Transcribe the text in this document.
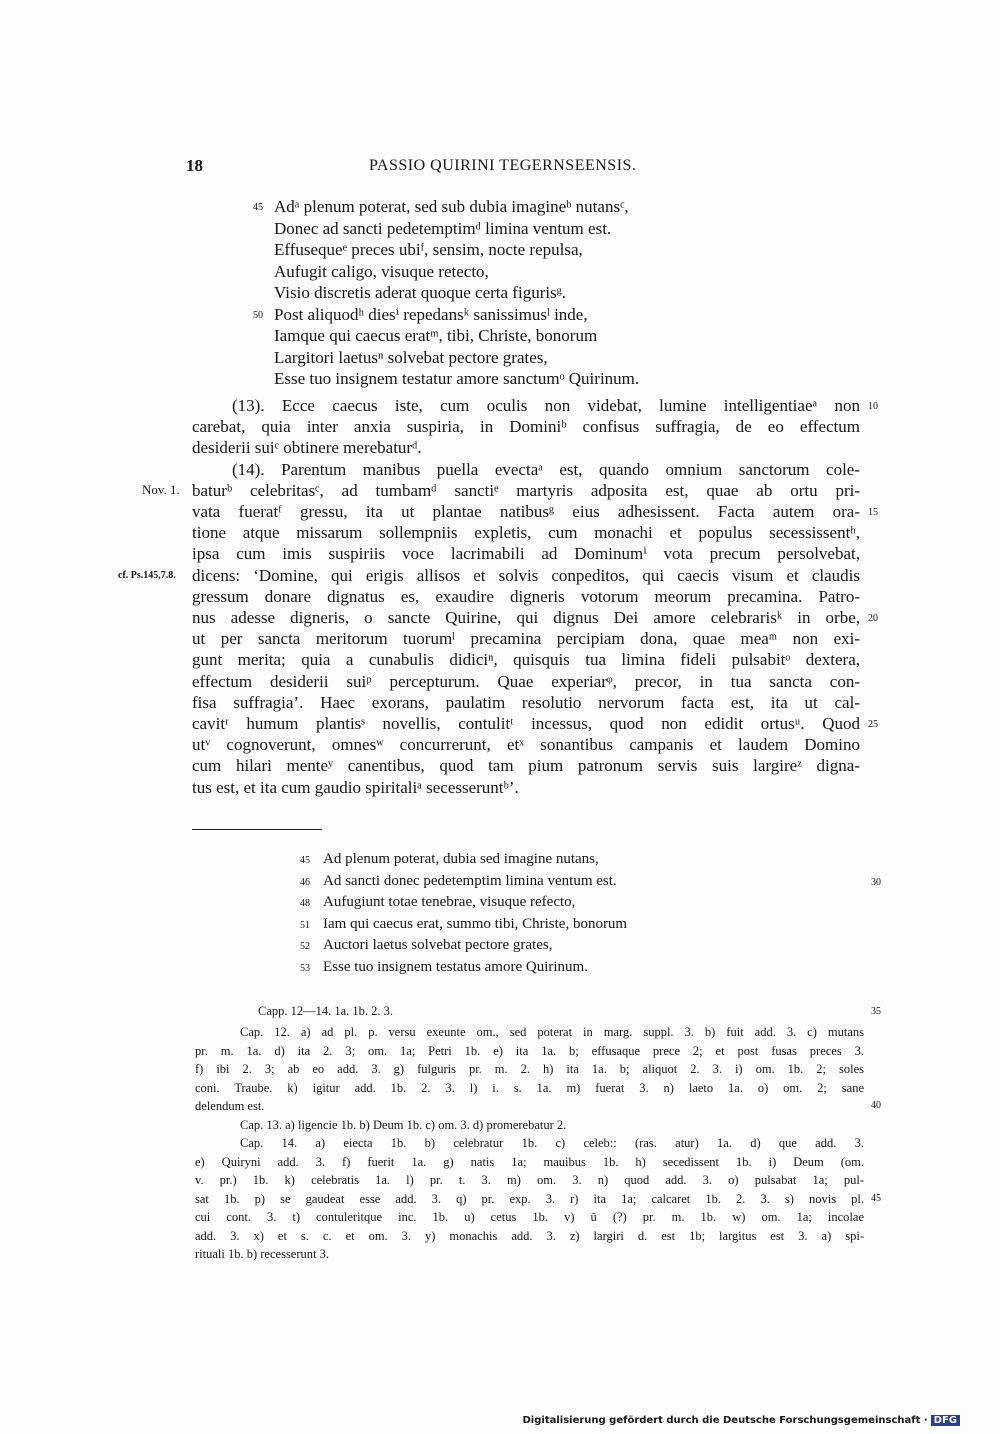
18	PASSIO QUIRINI TEGERNSEENSIS.
Adᵃ plenum poterat, sed sub dubia imagineᵇ nutansᶜ,
45
Donec ad sancti pedetemptimᵈ limina ventum est.
Effusequeᵉ preces ubiᶠ, sensim, nocte repulsa,
Aufugit caligo, visuque retecto,
Visio discretis aderat quoque certa figurisᵍ.
Post aliquodʰ diesⁱ repedansᵏ sanissimusˡ inde,
50
Iamque qui caecus eratᵐ, tibi, Christe, bonorum
Largitori laetusⁿ solvebat pectore grates,
Esse tuo insignem testatur amore sanctumᵒ Quirinum.
(13). Ecce caecus iste, cum oculis non videbat, lumine intelligentiaeᵃ non 10
carebat, quia inter anxia suspiria, in Dominiᵇ confisus suffragia, de eo effectum
desiderii suiᶜ obtinere merebaturᵈ.
(14). Parentum manibus puella evectaᵃ est, quando omnium sanctorum cole-
baturᵇ celebritasᶜ, ad tumbamᵈ sanctiᵉ martyris adposita est, quae ab ortu pri-
Nov. 1.
vata fueratᶠ gressu, ita ut plantae natibusᵍ eius adhesissent. Facta autem ora- 15
tione atque missarum sollempniis expletis, cum monachi et populus secessissentʰ,
ipsa cum imis suspiriis voce lacrimabili ad Dominumⁱ vota precum persolvebat,
dicens: ‘Domine, qui erigis allisos et solvis conpeditos, qui caecis visum et claudis
cf. Ps.145,7.8.
gressum donare dignatus es, exaudire digneris votorum meorum precamina. Patro-
nus adesse digneris, o sancte Quirine, qui dignus Dei amore celebrarisᵏ in orbe, 20
ut per sancta meritorum tuorumˡ precamina percipiam dona, quae meaᵐ non exi-
gunt merita; quia a cunabulis didiciⁿ, quisquis tua limina fideli pulsabitᵒ dextera,
effectum desiderii suiᵖ percepturum. Quae experiarᵠ, precor, in tua sancta con-
fisa suffragia’. Haec exorans, paulatim resolutio nervorum facta est, ita ut cal-
cavitʳ humum plantisˢ novellis, contulitᵗ incessus, quod non edidit ortusᵘ. Quod 25
utᵛ cognoverunt, omnesʷ concurrerunt, etˣ sonantibus campanis et laudem Domino
cum hilari menteʸ canentibus, quod tam pium patronum servis suis largireᶻ digna-
tus est, et ita cum gaudio spiritaliᵃ secesseruntᵇ’.
Ad plenum poterat, dubia sed imagine nutans,
45
Ad sancti donec pedetemptim limina ventum est.
46	30
Aufugiunt totae tenebrae, visuque refecto,
48
Iam qui caecus erat, summo tibi, Christe, bonorum
51
Auctori laetus solvebat pectore grates,
52
Esse tuo insignem testatus amore Quirinum.
53
Capp. 12—14. 1a. 1b. 2. 3.	35
Cap. 12. a) ad pl. p. versu exeunte om., sed poterat in marg. suppl. 3. b) fuit add. 3. c) mutans
pr. m. 1a. d) ita 2. 3; om. 1a; Petri 1b. e) ita 1a. b; effusaque prece 2; et post fusas preces 3.
f) ibi 2. 3; ab eo add. 3. g) fulguris pr. m. 2. h) ita 1a. b; aliquot 2. 3. i) om. 1b. 2; soles
coni. Traube. k) igitur add. 1b. 2. 3. l) i. s. 1a. m) fuerat 3. n) laeto 1a. o) om. 2; sane
delendum est.	40
Cap. 13. a) ligencie 1b. b) Deum 1b. c) om. 3. d) promerebatur 2.
Cap. 14. a) eiecta 1b. b) celebratur 1b. c) celeb:: (ras. atur) 1a. d) que add. 3.
e) Quiryni add. 3. f) fuerit 1a. g) natis 1a; mauibus 1b. h) secedissent 1b. i) Deum (om.
v. pr.) 1b. k) celebratis 1a. l) pr. t. 3. m) om. 3. n) quod add. 3. o) pulsabat 1a; pul-
sat 1b. p) se gaudeat esse add. 3. q) pr. exp. 3. r) ita 1a; calcaret 1b. 2. 3. s) novis pl. 45
cui cont. 3. t) contuleritque inc. 1b. u) cetus 1b. v) ū (?) pr. m. 1b. w) om. 1a; incolae
add. 3. x) et s. c. et om. 3. y) monachis add. 3. z) largiri d. est 1b; largitus est 3. a) spi-
rituali 1b. b) recesserunt 3.
Digitalisierung gefördert durch die Deutsche Forschungsgemeinschaft · DFG
